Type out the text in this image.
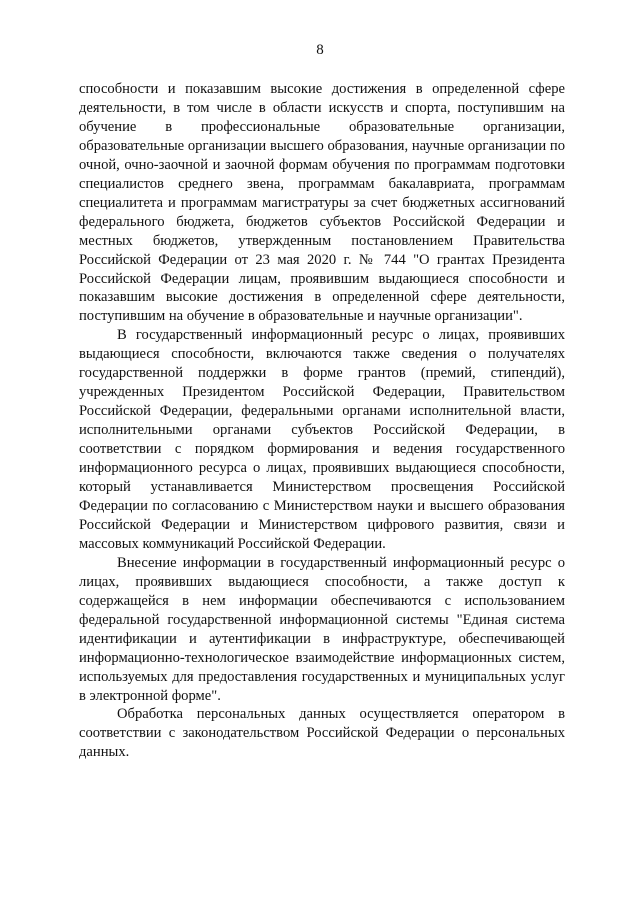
8

способности и показавшим высокие достижения в определенной сфере деятельности, в том числе в области искусств и спорта, поступившим на обучение в профессиональные образовательные организации, образовательные организации высшего образования, научные организации по очной, очно-заочной и заочной формам обучения по программам подготовки специалистов среднего звена, программам бакалавриата, программам специалитета и программам магистратуры за счет бюджетных ассигнований федерального бюджета, бюджетов субъектов Российской Федерации и местных бюджетов, утвержденным постановлением Правительства Российской Федерации от 23 мая 2020 г. № 744 "О грантах Президента Российской Федерации лицам, проявившим выдающиеся способности и показавшим высокие достижения в определенной сфере деятельности, поступившим на обучение в образовательные и научные организации".

В государственный информационный ресурс о лицах, проявивших выдающиеся способности, включаются также сведения о получателях государственной поддержки в форме грантов (премий, стипендий), учрежденных Президентом Российской Федерации, Правительством Российской Федерации, федеральными органами исполнительной власти, исполнительными органами субъектов Российской Федерации, в соответствии с порядком формирования и ведения государственного информационного ресурса о лицах, проявивших выдающиеся способности, который устанавливается Министерством просвещения Российской Федерации по согласованию с Министерством науки и высшего образования Российской Федерации и Министерством цифрового развития, связи и массовых коммуникаций Российской Федерации.

Внесение информации в государственный информационный ресурс о лицах, проявивших выдающиеся способности, а также доступ к содержащейся в нем информации обеспечиваются с использованием федеральной государственной информационной системы "Единая система идентификации и аутентификации в инфраструктуре, обеспечивающей информационно-технологическое взаимодействие информационных систем, используемых для предоставления государственных и муниципальных услуг в электронной форме".

Обработка персональных данных осуществляется оператором в соответствии с законодательством Российской Федерации о персональных данных.
